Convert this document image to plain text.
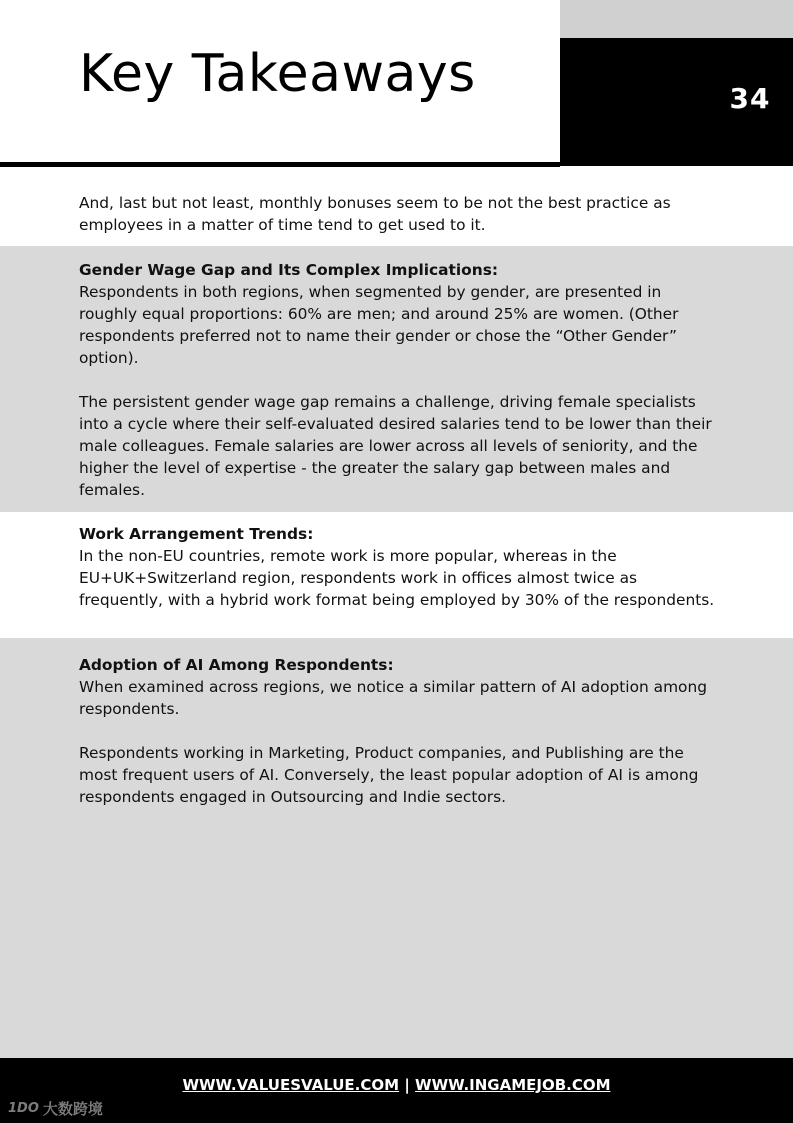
34
Key Takeaways

And, last but not least, monthly bonuses seem to be not the best practice as employees in a matter of time tend to get used to it.

Gender Wage Gap and Its Complex Implications:

Respondents in both regions, when segmented by gender, are presented in roughly equal proportions: 60% are men; and around 25% are women. (Other respondents preferred not to name their gender or chose the “Other Gender” option).

The persistent gender wage gap remains a challenge, driving female specialists into a cycle where their self-evaluated desired salaries tend to be lower than their male colleagues. Female salaries are lower across all levels of seniority, and the higher the level of expertise - the greater the salary gap between males and females.

Work Arrangement Trends:

In the non-EU countries, remote work is more popular, whereas in the EU+UK+Switzerland region, respondents work in offices almost twice as frequently, with a hybrid work format being employed by 30% of the respondents.

Adoption of AI Among Respondents:

When examined across regions, we notice a similar pattern of AI adoption among respondents.

Respondents working in Marketing, Product companies, and Publishing are the most frequent users of AI. Conversely, the least popular adoption of AI is among respondents engaged in Outsourcing and Indie sectors.

WWW.VALUESVALUE.COM | WWW.INGAMEJOB.COM
1DO 大数跨境
